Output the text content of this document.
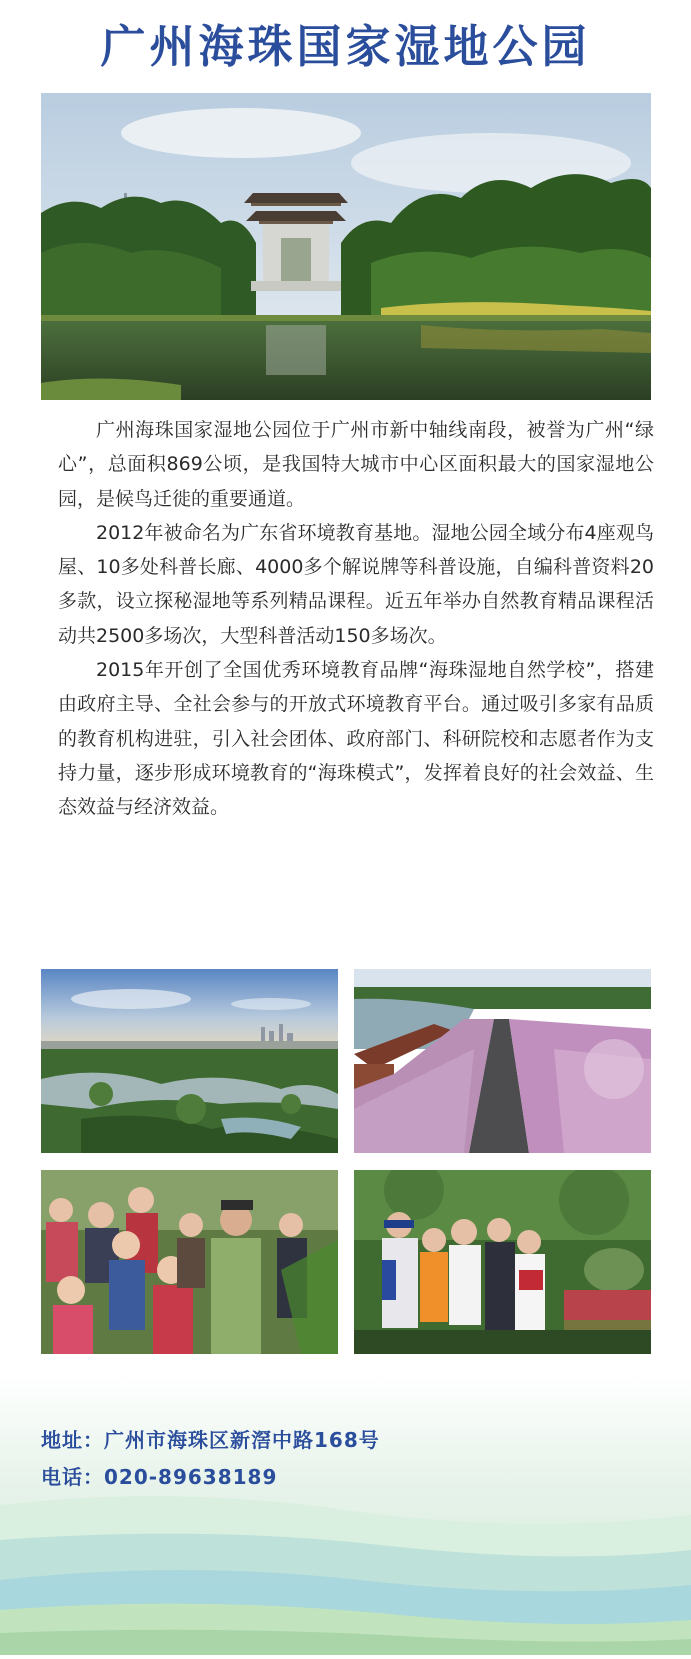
广州海珠国家湿地公园

广州海珠国家湿地公园位于广州市新中轴线南段，被誉为广州“绿心”，总面积869公顷，是我国特大城市中心区面积最大的国家湿地公园，是候鸟迁徙的重要通道。

2012年被命名为广东省环境教育基地。湿地公园全域分布4座观鸟屋、10多处科普长廊、4000多个解说牌等科普设施，自编科普资料20多款，设立探秘湿地等系列精品课程。近五年举办自然教育精品课程活动共2500多场次，大型科普活动150多场次。

2015年开创了全国优秀环境教育品牌“海珠湿地自然学校”，搭建由政府主导、全社会参与的开放式环境教育平台。通过吸引多家有品质的教育机构进驻，引入社会团体、政府部门、科研院校和志愿者作为支持力量，逐步形成环境教育的“海珠模式”，发挥着良好的社会效益、生态效益与经济效益。

地址：广州市海珠区新滘中路168号
电话：020-89638189
